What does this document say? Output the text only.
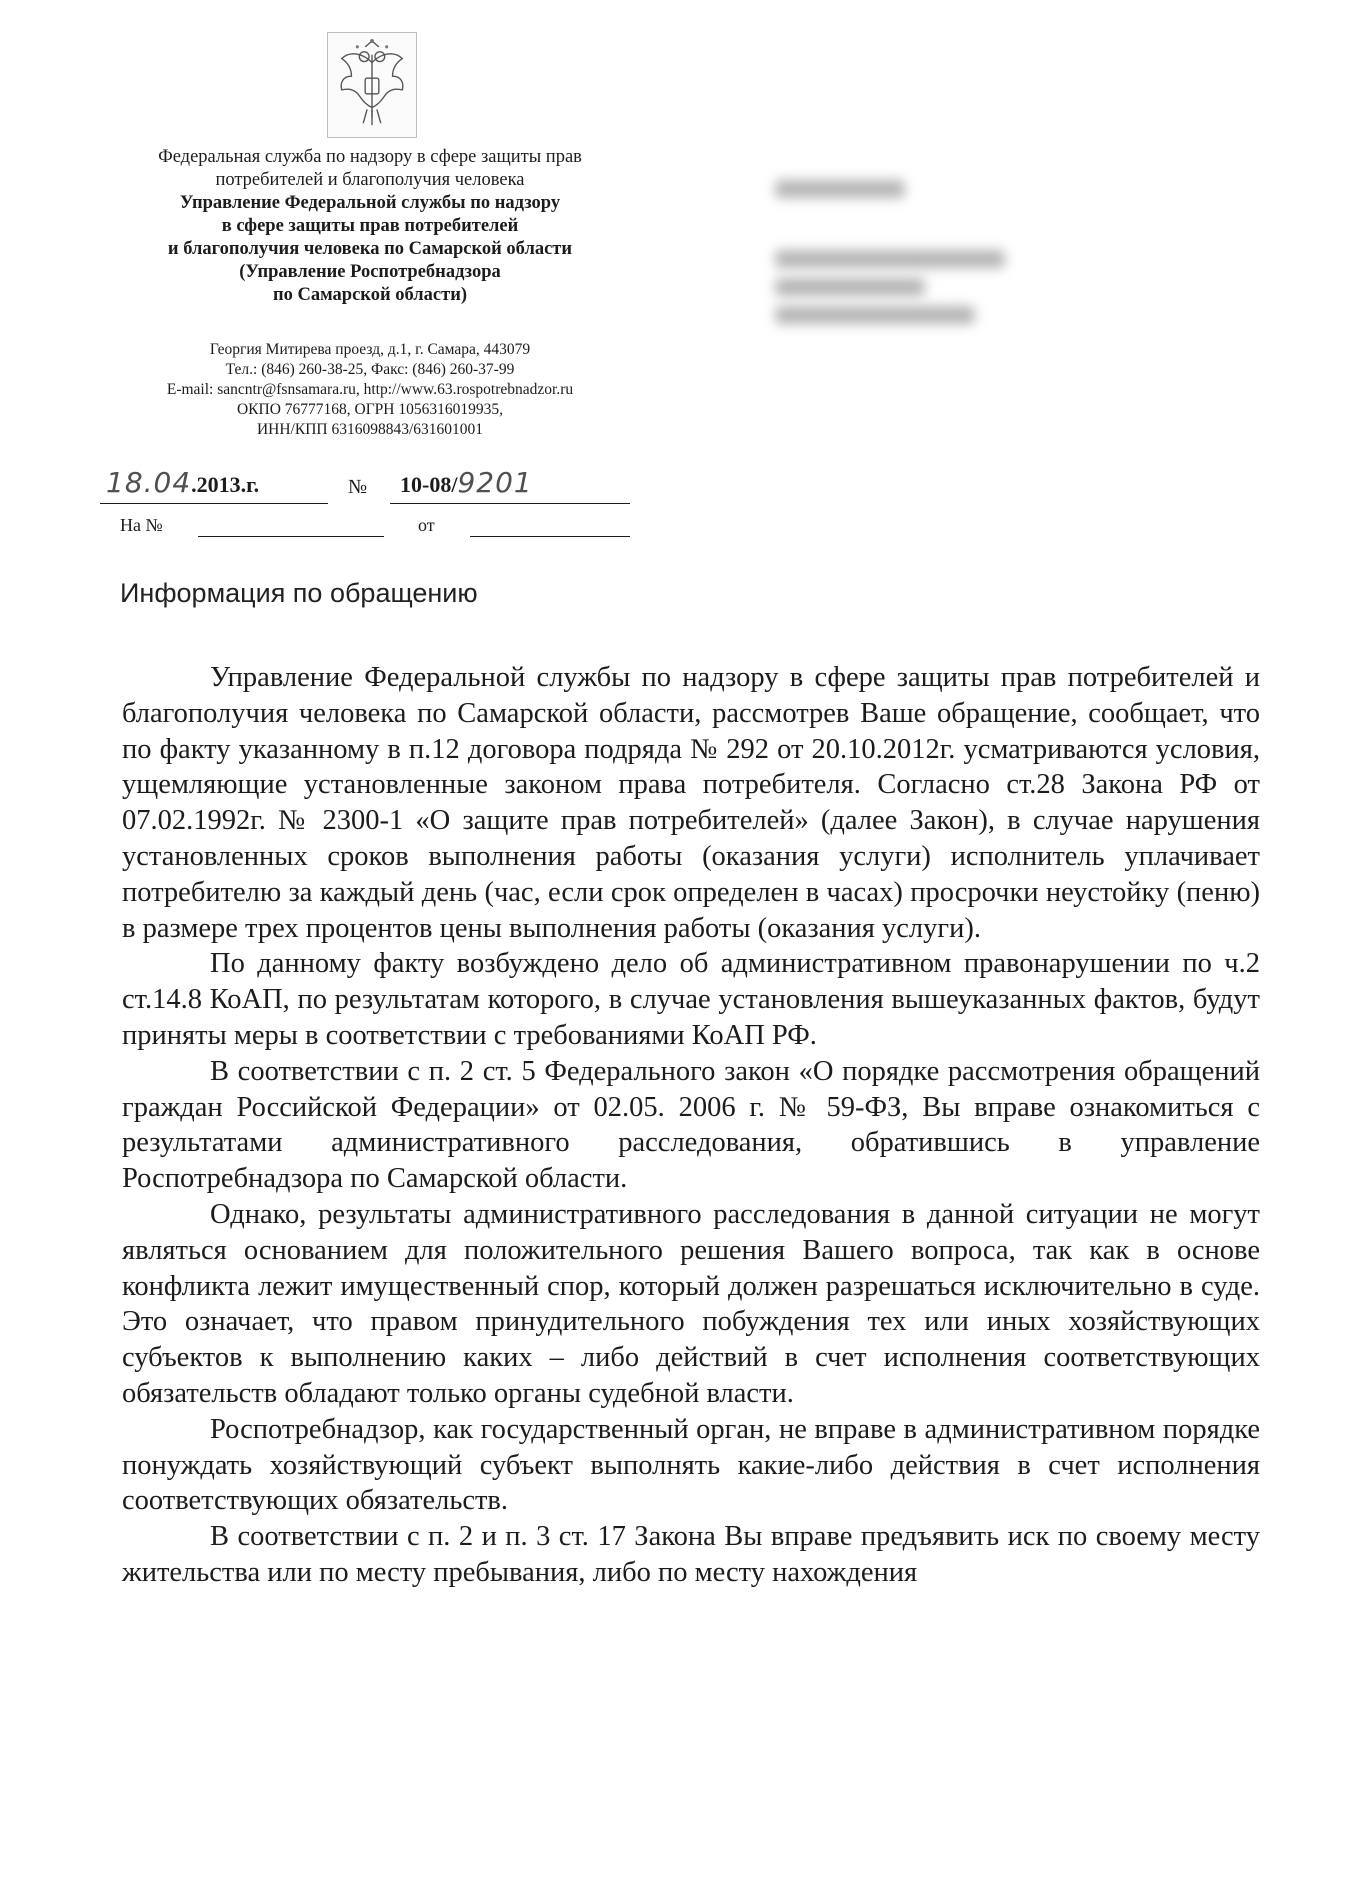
Федеральная служба по надзору в сфере защиты прав
потребителей и благополучия человека
Управление Федеральной службы по надзору
в сфере защиты прав потребителей
и благополучия человека по Самарской области
(Управление Роспотребнадзора
по Самарской области)
Георгия Митирева проезд, д.1, г. Самара, 443079
Тел.: (846) 260-38-25, Факс: (846) 260-37-99
E-mail: sancntr@fsnsamara.ru, http://www.63.rospotrebnadzor.ru
ОКПО 76777168, ОГРН 1056316019935,
ИНН/КПП 6316098843/631601001
18.04.2013.г.	№ 10-08/9201
На №	от
Информация по обращению

Управление Федеральной службы по надзору в сфере защиты прав потребителей и благополучия человека по Самарской области, рассмотрев Ваше обращение, сообщает, что по факту указанному в п.12 договора подряда № 292 от 20.10.2012г. усматриваются условия, ущемляющие установленные законом права потребителя. Согласно ст.28 Закона РФ от 07.02.1992г. № 2300-1 «О защите прав потребителей» (далее Закон), в случае нарушения установленных сроков выполнения работы (оказания услуги) исполнитель уплачивает потребителю за каждый день (час, если срок определен в часах) просрочки неустойку (пеню) в размере трех процентов цены выполнения работы (оказания услуги).

По данному факту возбуждено дело об административном правонарушении по ч.2 ст.14.8 КоАП, по результатам которого, в случае установления вышеуказанных фактов, будут приняты меры в соответствии с требованиями КоАП РФ.

В соответствии с п. 2 ст. 5 Федерального закон «О порядке рассмотрения обращений граждан Российской Федерации» от 02.05. 2006 г. № 59-ФЗ, Вы вправе ознакомиться с результатами административного расследования, обратившись в управление Роспотребнадзора по Самарской области.

Однако, результаты административного расследования в данной ситуации не могут являться основанием для положительного решения Вашего вопроса, так как в основе конфликта лежит имущественный спор, который должен разрешаться исключительно в суде. Это означает, что правом принудительного побуждения тех или иных хозяйствующих субъектов к выполнению каких – либо действий в счет исполнения соответствующих обязательств обладают только органы судебной власти.

Роспотребнадзор, как государственный орган, не вправе в административном порядке понуждать хозяйствующий субъект выполнять какие-либо действия в счет исполнения соответствующих обязательств.

В соответствии с п. 2 и п. 3 ст. 17 Закона Вы вправе предъявить иск по своему месту жительства или по месту пребывания, либо по месту нахождения
